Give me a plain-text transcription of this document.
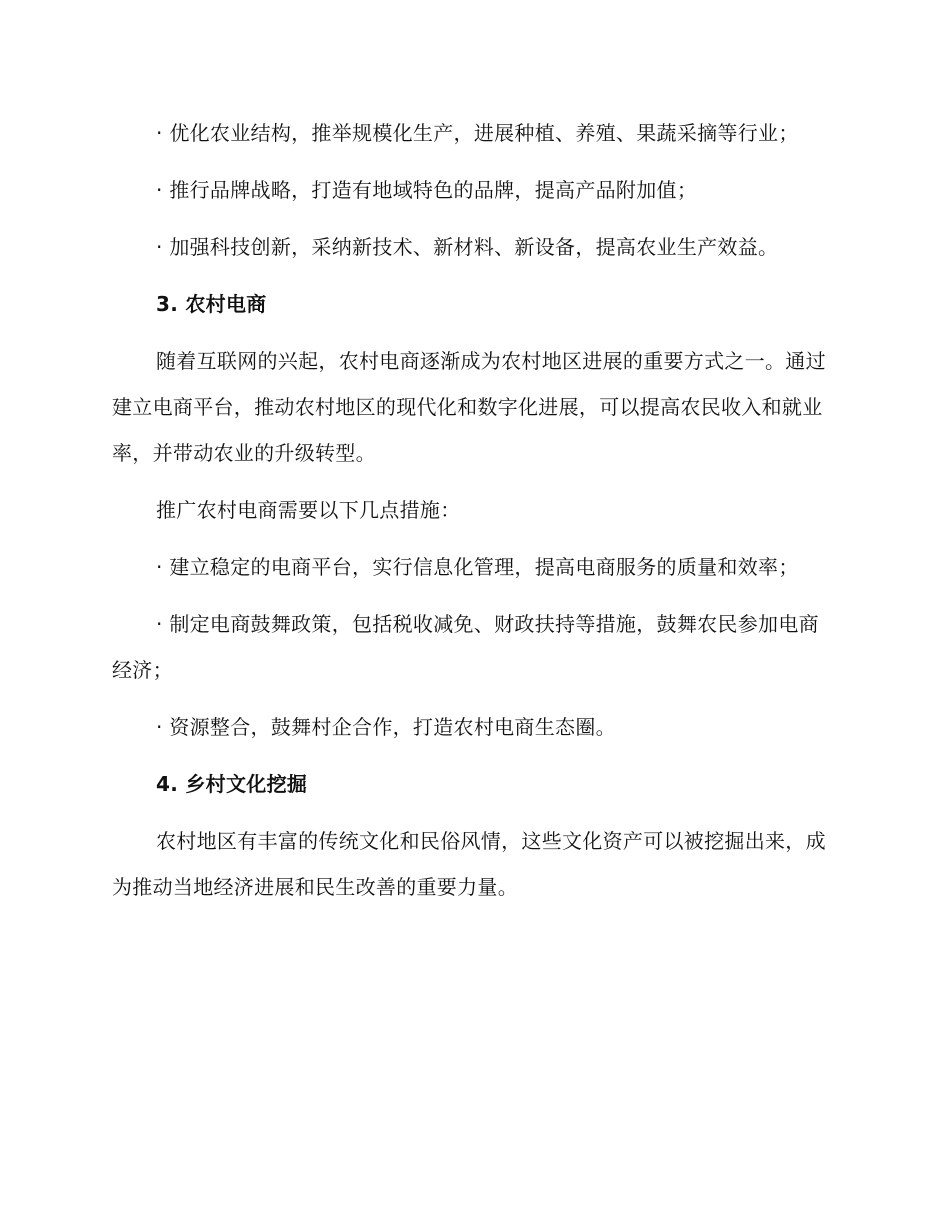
· 优化农业结构，推举规模化生产，进展种植、养殖、果蔬采摘等行业；

· 推行品牌战略，打造有地域特色的品牌，提高产品附加值；

· 加强科技创新，采纳新技术、新材料、新设备，提高农业生产效益。

3. 农村电商

随着互联网的兴起，农村电商逐渐成为农村地区进展的重要方式之一。通过建立电商平台，推动农村地区的现代化和数字化进展，可以提高农民收入和就业率，并带动农业的升级转型。

推广农村电商需要以下几点措施：

· 建立稳定的电商平台，实行信息化管理，提高电商服务的质量和效率；

· 制定电商鼓舞政策，包括税收减免、财政扶持等措施，鼓舞农民参加电商经济；

· 资源整合，鼓舞村企合作，打造农村电商生态圈。

4. 乡村文化挖掘

农村地区有丰富的传统文化和民俗风情，这些文化资产可以被挖掘出来，成为推动当地经济进展和民生改善的重要力量。
